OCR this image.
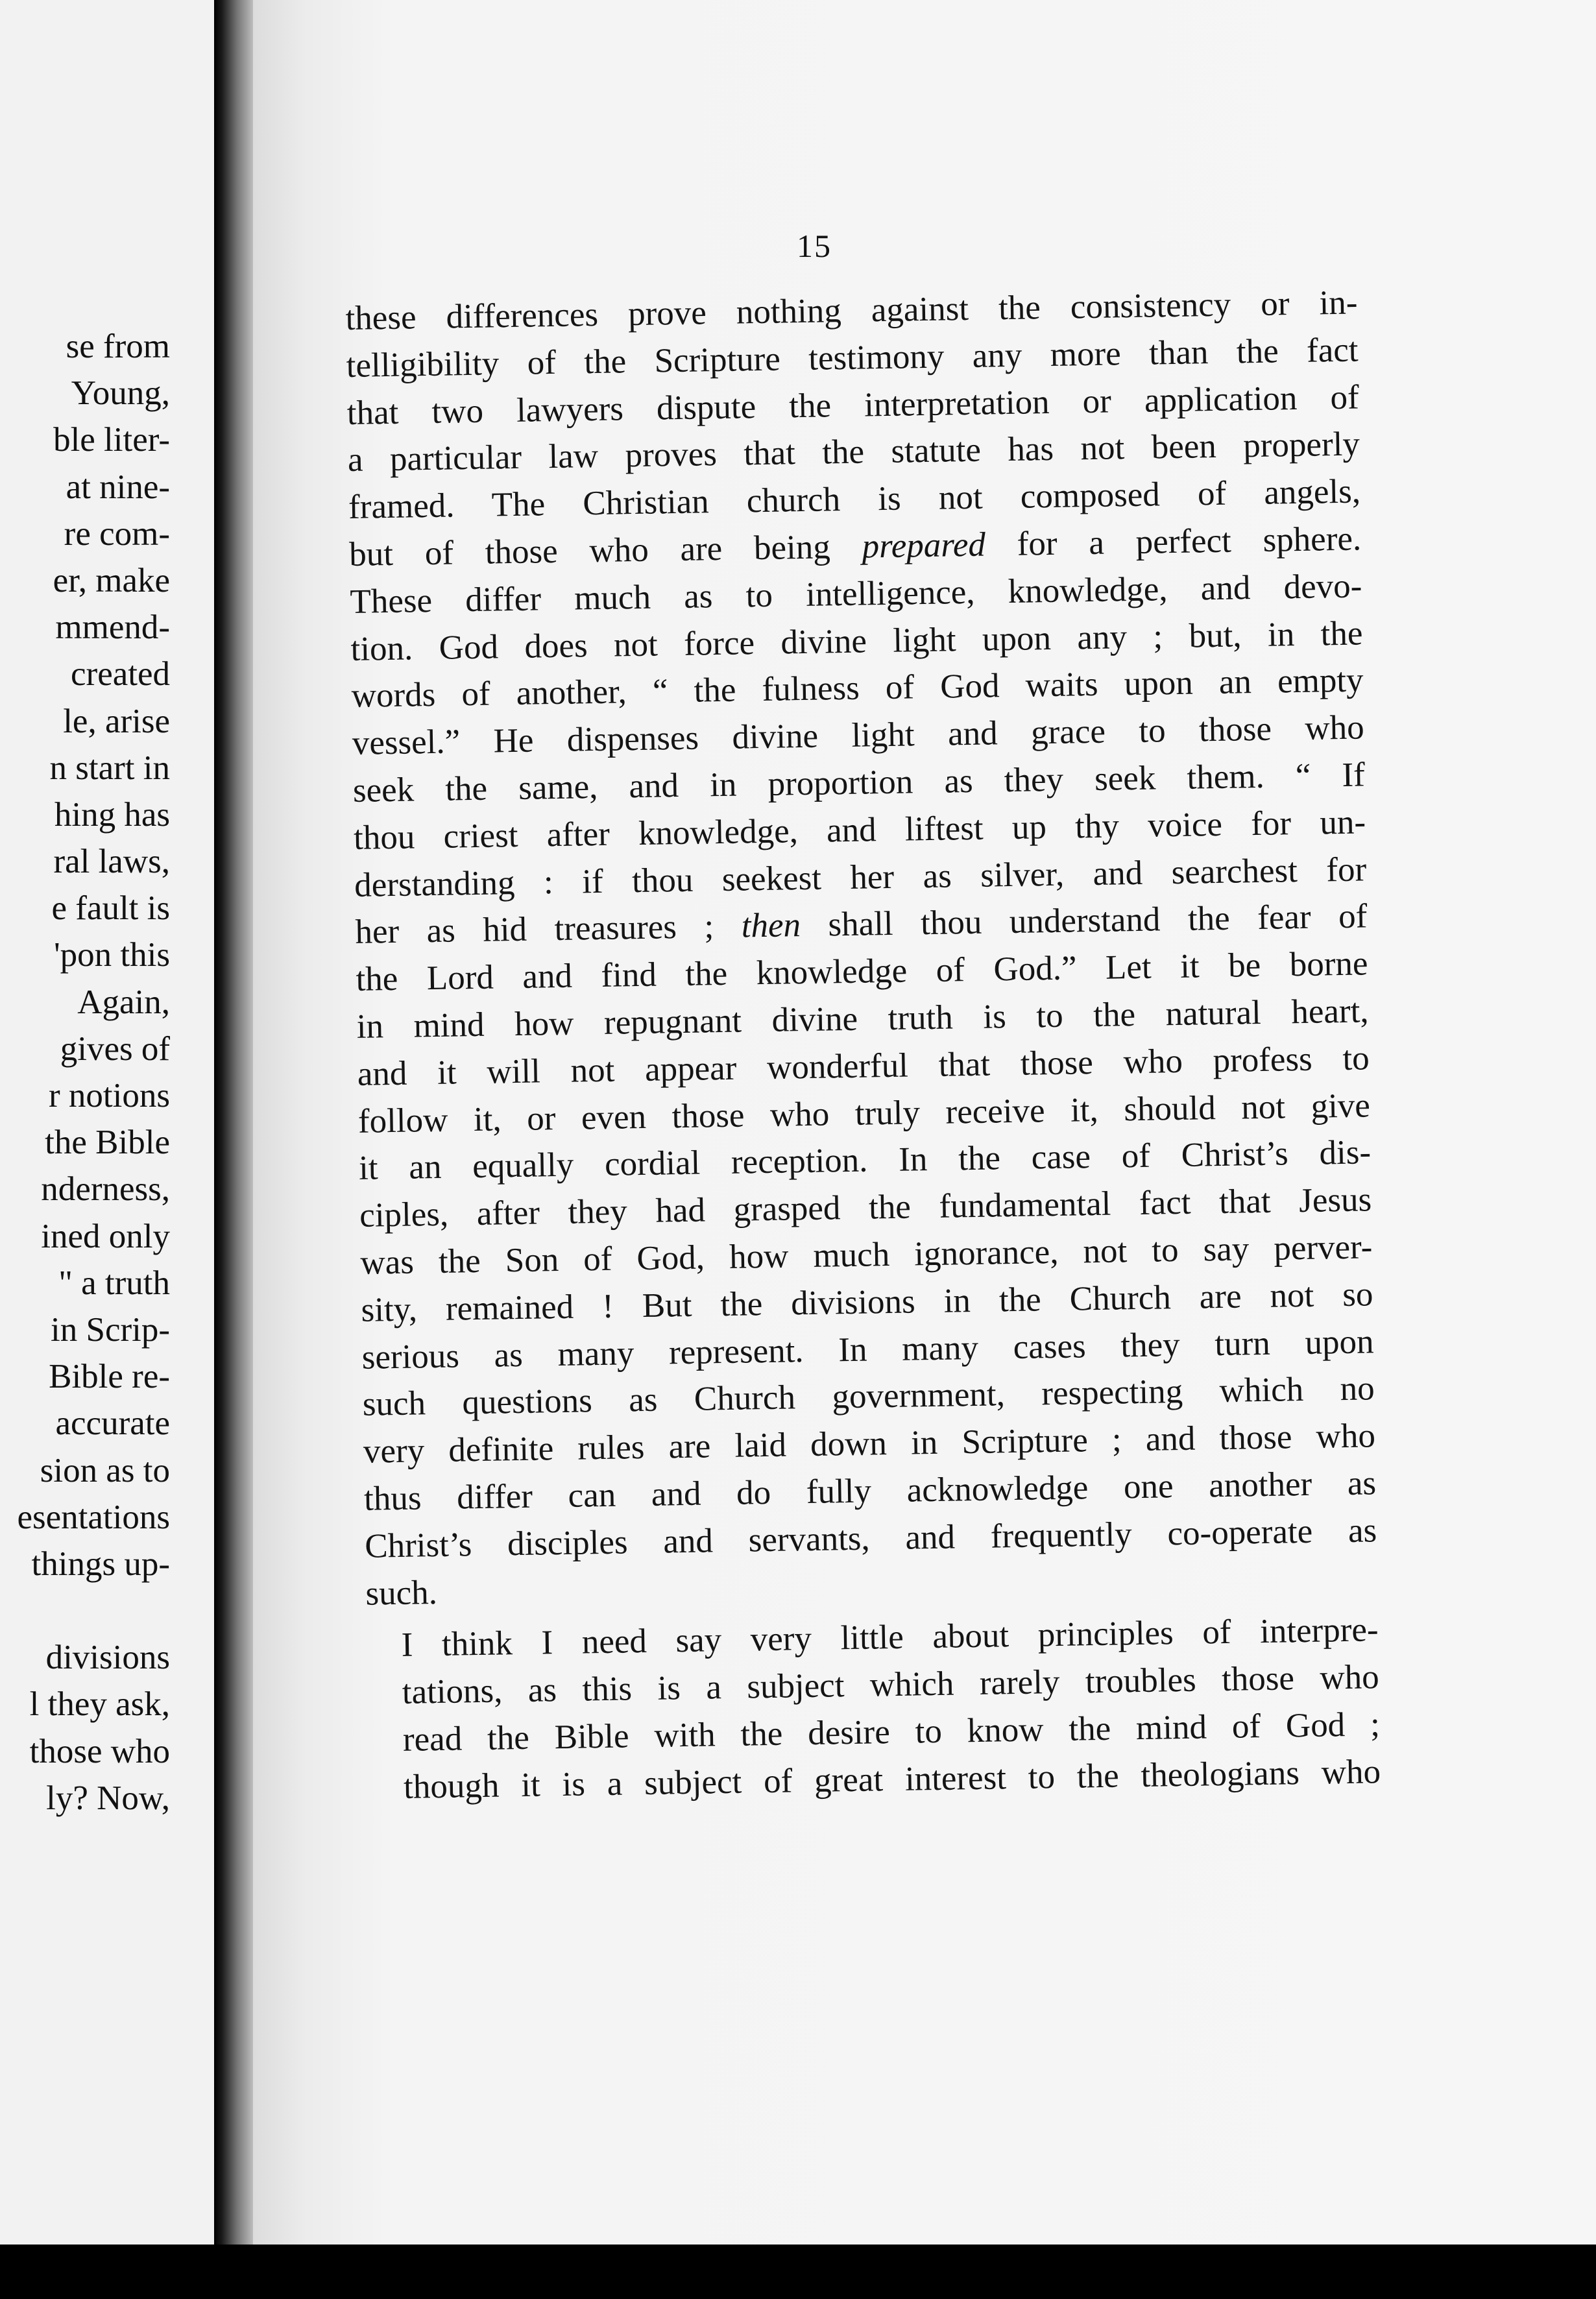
se from
Young,
ble liter-
at nine-
re com-
er, make
mmend-
created
le, arise
n start in
hing has
ral laws,
e fault is
'pon this
Again,
gives of
r notions
the Bible
nderness,
ined only
" a truth
in Scrip-
Bible re-
accurate
sion as to
esentations
things up-
divisions
l they ask,
those who
ly? Now,
15

these differences prove nothing against the consistency or in-
telligibility of the Scripture testimony any more than the fact
that two lawyers dispute the interpretation or application of
a particular law proves that the statute has not been properly
framed. The Christian church is not composed of angels,
but of those who are being prepared for a perfect sphere.
These differ much as to intelligence, knowledge, and devo-
tion. God does not force divine light upon any ; but, in the
words of another, “ the fulness of God waits upon an empty
vessel.” He dispenses divine light and grace to those who
seek the same, and in proportion as they seek them. “ If
thou criest after knowledge, and liftest up thy voice for un-
derstanding : if thou seekest her as silver, and searchest for
her as hid treasures ; then shall thou understand the fear of
the Lord and find the knowledge of God.” Let it be borne
in mind how repugnant divine truth is to the natural heart,
and it will not appear wonderful that those who profess to
follow it, or even those who truly receive it, should not give
it an equally cordial reception. In the case of Christ’s dis-
ciples, after they had grasped the fundamental fact that Jesus
was the Son of God, how much ignorance, not to say perver-
sity, remained ! But the divisions in the Church are not so
serious as many represent. In many cases they turn upon
such questions as Church government, respecting which no
very definite rules are laid down in Scripture ; and those who
thus differ can and do fully acknowledge one another as
Christ’s disciples and servants, and frequently co-operate as
such.

I think I need say very little about principles of interpre-
tations, as this is a subject which rarely troubles those who
read the Bible with the desire to know the mind of God ;
though it is a subject of great interest to the theologians who
